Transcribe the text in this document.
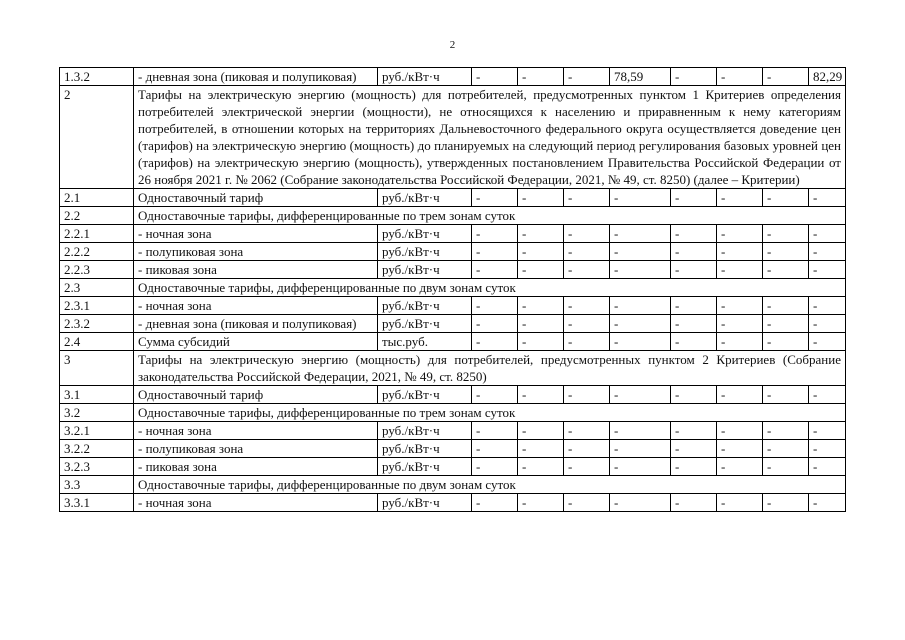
2
1.3.2	- дневная зона (пиковая и полупиковая)	руб./кВт·ч	-	-	-	78,59	-	-	-	82,29
2	Тарифы на электрическую энергию (мощность) для потребителей, предусмотренных пунктом 1 Критериев определения потребителей электрической энергии (мощности), не относящихся к населению и приравненным к нему категориям потребителей, в отношении которых на территориях Дальневосточного федерального округа осуществляется доведение цен (тарифов) на электрическую энергию (мощность) до планируемых на следующий период регулирования базовых уровней цен (тарифов) на электрическую энергию (мощность), утвержденных постановлением Правительства Российской Федерации от 26 ноября 2021 г. № 2062 (Собрание законодательства Российской Федерации, 2021, № 49, ст. 8250) (далее – Критерии)									
2.1	Одноставочный тариф	руб./кВт·ч	-	-	-	-	-	-	-	-
2.2	Одноставочные тарифы, дифференцированные по трем зонам суток									
2.2.1	- ночная зона	руб./кВт·ч	-	-	-	-	-	-	-	-
2.2.2	- полупиковая зона	руб./кВт·ч	-	-	-	-	-	-	-	-
2.2.3	- пиковая зона	руб./кВт·ч	-	-	-	-	-	-	-	-
2.3	Одноставочные тарифы, дифференцированные по двум зонам суток									
2.3.1	- ночная зона	руб./кВт·ч	-	-	-	-	-	-	-	-
2.3.2	- дневная зона (пиковая и полупиковая)	руб./кВт·ч	-	-	-	-	-	-	-	-
2.4	Сумма субсидий	тыс.руб.	-	-	-	-	-	-	-	-
3	Тарифы на электрическую энергию (мощность) для потребителей, предусмотренных пунктом 2 Критериев (Собрание законодательства Российской Федерации, 2021, № 49, ст. 8250)									
3.1	Одноставочный тариф	руб./кВт·ч	-	-	-	-	-	-	-	-
3.2	Одноставочные тарифы, дифференцированные по трем зонам суток									
3.2.1	- ночная зона	руб./кВт·ч	-	-	-	-	-	-	-	-
3.2.2	- полупиковая зона	руб./кВт·ч	-	-	-	-	-	-	-	-
3.2.3	- пиковая зона	руб./кВт·ч	-	-	-	-	-	-	-	-
3.3	Одноставочные тарифы, дифференцированные по двум зонам суток									
3.3.1	- ночная зона	руб./кВт·ч	-	-	-	-	-	-	-	-
